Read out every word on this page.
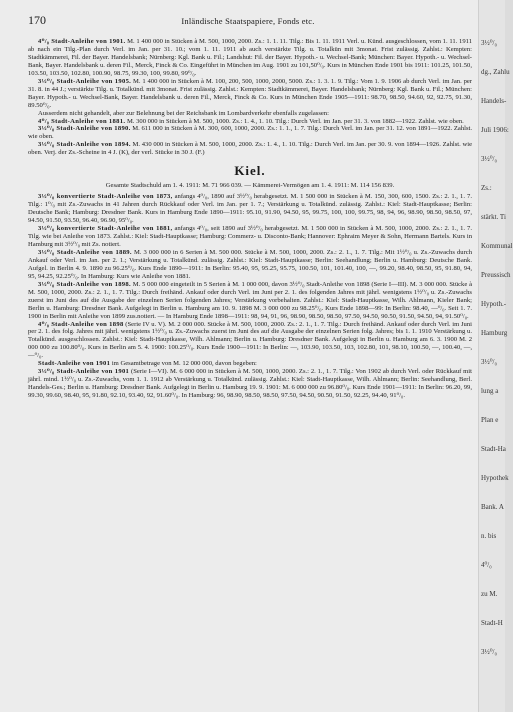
170	Inländische Staatspapiere, Fonds etc.

4⁰/₀ Stadt-Anleihe von 1901. M. 1 400 000 in Stücken à M. 500, 1000, 2000. Zs.: 1. 1. 11. Tilg.: Bis 1. 11. 1911 Verl. u. Künd. ausgeschlossen, vom 1. 11. 1911 ab nach ein Tilg.-Plan durch Verl. im Jan. per 31. 10.; vom 1. 11. 1911 ab auch verstärkte Tilg. u. Totalkün mit 3monat. Frist zulässig. Zahlst.: Kempten: Stadtkämmerei, Fil. der Bayer. Handelsbank; Nürnberg: Kgl. Bank u. Fil.; Landshut: Fil. der Bayer. Hypoth.- u. Wechsel-Bank; München: Bayer. Hypoth.- u. Wechsel-Bank, Bayer. Handelsbank u. deren Fil., Merck, Finck & Co. Eingeführt in München im Aug. 1901 zu 101,50⁰/₀. Kurs in München Ende 1901 bis 1911: 101.25, 101.50, 103.50, 103.50, 102.80, 100.90, 98.75, 99.30, 100, 99.80, 99⁰/₀.

3½⁰/₀ Stadt-Anleihe von 1905. M. 1 400 000 in Stücken à M. 100, 200, 500, 1000, 2000, 5000. Zs.: 1. 3. 1. 9. Tilg.: Vom 1. 9. 1906 ab durch Verl. im Jan. per 31. 8. in 44 J.; verstärkte Tilg. u. Totalkünd. mit 3monat. Frist zulässig. Zahlst.: Kempten: Stadtkämmerei, Bayer. Handelsbank; Nürnberg: Kgl. Bank u. Fil.; München: Bayer. Hypoth.- u. Wechsel-Bank, Bayer. Handelsbank u. deren Fil., Merck, Finck & Co. Kurs in München Ende 1905—1911: 98.70, 98.50, 94.60, 92, 92.75, 91.30, 89.50⁰/₀.

Ausserdem nicht gehandelt, aber zur Belehnung bei der Reichsbank im Lombardverkehr ebenfalls zugelassen:

4⁰/₀ Stadt-Anleihe von 1881. M. 300 000 in Stücken à M. 500, 1000. Zs.: 1. 4., 1. 10. Tilg.: Durch Verl. im Jan. per 31. 3. von 1882—1922. Zahlst. wie oben.

3½⁰/₀ Stadt-Anleihe von 1890. M. 611 000 in Stücken à M. 300, 600, 1000, 2000. Zs.: 1. 1., 1. 7. Tilg.: Durch Verl. im Jan. per 31. 12. von 1891—1922. Zahlst. wie oben.

3½⁰/₀ Stadt-Anleihe von 1894. M. 430 000 in Stücken à M. 500, 1000, 2000. Zs.: 1. 4., 1. 10. Tilg.: Durch Verl. im Jan. per 30. 9. von 1894—1926. Zahlst. wie oben. Verj. der Zs.-Scheine in 4 J. (K), der verl. Stücke in 30 J. (F.)

Kiel.

Gesamte Stadtschuld am 1. 4. 1911: M. 71 966 039. — Kämmerei-Vermögen am 1. 4. 1911: M. 114 156 839.

3½⁰/₀ konvertierte Stadt-Anleihe von 1873, anfangs 4⁰/₀, 1890 auf 3½⁰/₀ herabgesetzt. M. 1 500 000 in Stücken à M. 150, 300, 600, 1500. Zs.: 2. 1., 1. 7. Tilg.: 1⁰/₀ mit Zs.-Zuwachs in 41 Jahren durch Rückkauf oder Verl. im Jan. per 1. 7.; Verstärkung u. Totalkünd. zulässig. Zahlst.: Kiel: Stadt-Hauptkasse; Berlin: Deutsche Bank; Hamburg: Dresdner Bank. Kurs in Hamburg Ende 1890—1911: 95.10, 91.90, 94.50, 95, 99.75, 100, 100, 99.75, 98, 94, 96, 98.90, 98.50, 98.50, 97, 94.50, 91.50, 93.50, 96.40, 96.90, 95⁰/₀.

3½⁰/₀ konvertierte Stadt-Anleihe von 1881, anfangs 4⁰/₀, seit 1890 auf 3½⁰/₀ herabgesetzt. M. 1 500 000 in Stücken à M. 500, 1000, 2000. Zs.: 2. 1., 1. 7. Tilg. wie bei Anleihe von 1873. Zahlst.: Kiel: Stadt-Hauptkasse; Hamburg: Commerz- u. Disconto-Bank; Hannover: Ephraim Meyer & Sohn, Hermann Bartels. Kurs in Hamburg mit 3½⁰/₀ mit Zs. notiert.

3½⁰/₀ Stadt-Anleihe von 1889. M. 3 000 000 in 6 Serien à M. 500 000. Stücke à M. 500, 1000, 2000. Zs.: 2. 1., 1. 7. Tilg.: Mit 1½⁰/₀ u. Zs.-Zuwachs durch Ankauf oder Verl. im Jan. per 2. 1.; Verstärkung u. Totalkünd. zulässig. Zahlst.: Kiel: Stadt-Hauptkasse; Berlin: Seehandlung; Berlin u. Hamburg: Deutsche Bank. Aufgel. in Berlin 4. 9. 1890 zu 96.25⁰/₀. Kurs Ende 1890—1911: In Berlin: 95.40, 95, 95.25, 95.75, 100.50, 101, 101.40, 100, —, 99.20, 98.40, 98.50, 95, 91.80, 94, 95, 94.25, 92.25⁰/₀. In Hamburg: Kurs wie Anleihe von 1881.

3½⁰/₀ Stadt-Anleihe von 1898. M. 5 000 000 eingeteilt in 5 Serien à M. 1 000 000, davon 3½⁰/₀ Stadt-Anleihe von 1898 (Serie I—III). M. 3 000 000. Stücke à M. 500, 1000, 2000. Zs.: 2. 1., 1. 7. Tilg.: Durch freihänd. Ankauf oder durch Verl. im Juni per 2. 1. des folgenden Jahres mit jährl. wenigstens 1½⁰/₀ u. Zs.-Zuwachs zuerst im Juni des auf die Ausgabe der einzelnen Serien folgenden Jahres; Verstärkung vorbehalten. Zahlst.: Kiel: Stadt-Hauptkasse, Wilh. Ahlmann, Kieler Bank; Berlin u. Hamburg: Dresdner Bank. Aufgelegt in Berlin u. Hamburg am 10. 9. 1898 M. 3 000 000 zu 98.25⁰/₀. Kurs Ende 1898—99: In Berlin: 98.40, —⁰/₀. Seit 1. 7. 1900 in Berlin mit Anleihe von 1899 zus.notiert. — In Hamburg Ende 1898—1911: 98, 94, 91, 96, 98.90, 98.50, 98.50, 97.50, 94.50, 90.50, 91.50, 94.50, 94, 91.50⁰/₀.

4⁰/₀ Stadt-Anleihe von 1898 (Serie IV u. V). M. 2 000 000. Stücke à M. 500, 1000, 2000. Zs.: 2. 1., 1. 7. Tilg.: Durch freihänd. Ankauf oder durch Verl. im Juni per 2. 1. des folg. Jahres mit jährl. wenigstens 1½⁰/₀ u. Zs.-Zuwachs zuerst im Juni des auf die Ausgabe der einzelnen Serien folg. Jahres; bis 1. 1. 1910 Verstärkung u. Totalkünd. ausgeschlossen. Zahlst.: Kiel: Stadt-Hauptkasse, Wilh. Ahlmann; Berlin u. Hamburg: Dresdner Bank. Aufgelegt in Berlin u. Hamburg am 6. 3. 1900 M. 2 000 000 zu 100.80⁰/₀. Kurs in Berlin am 5. 4. 1900: 100.25⁰/₀. Kurs Ende 1900—1911: In Berlin: —, 103.90, 103.50, 103, 102.80, 101, 98.10, 100.50, —, 100.40, —, —⁰/₀.

Stadt-Anleihe von 1901 im Gesamtbetrage von M. 12 000 000, davon begeben:

3½⁰/₀ Stadt-Anleihe von 1901 (Serie I—VI). M. 6 000 000 in Stücken à M. 500, 1000, 2000. Zs.: 2. 1., 1. 7. Tilg.: Von 1902 ab durch Verl. oder Rückkauf mit jährl. mind. 1½⁰/₀ u. Zs.-Zuwachs, vom 1. 1. 1912 ab Verstärkung u. Totalkünd. zulässig. Zahlst.: Kiel: Stadt-Hauptkasse, Wilh. Ahlmann; Berlin: Seehandlung, Berl. Handels-Ges.; Berlin u. Hamburg: Dresdner Bank. Aufgelegt in Berlin u. Hamburg 19. 9. 1901: M. 6 000 000 zu 96.80⁰/₀. Kurs Ende 1901—1911: In Berlin: 96.20, 99, 99.30, 99.60, 98.40, 95, 91.80, 92.10, 93.40, 92, 91.60⁰/₀. In Hamburg: 96, 98.90, 98.50, 98.50, 97.50, 94.50, 90.50, 91.50, 92.25, 94.40, 91⁰/₀.

3½⁰/₀
dg., Zahlu
Handels-
Juli 1906:
3½⁰/₀
Zs.:
stärkt. Ti
Kommunal
Preussisch
Hypoth.-
Hamburg
3½⁰/₀
lung a
Plan e
Stadt-Ha
Hypothek
Bank. A
n. bis
4⁰/₀
zu M.
Stadt-H
3½⁰/₀
